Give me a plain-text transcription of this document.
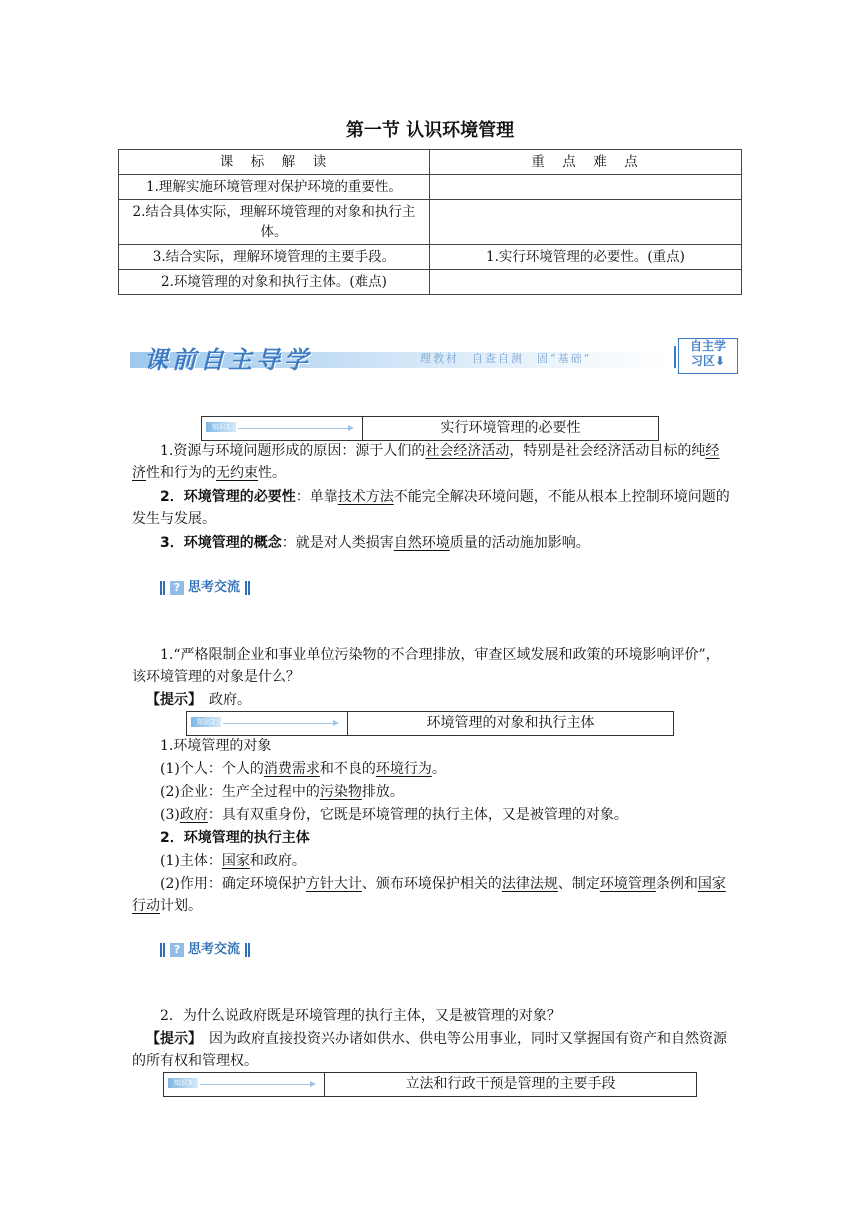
第一节 认识环境管理
课　标　解　读	重　点　难　点
1.理解实施环境管理对保护环境的重要性。	
2.结合具体实际，理解环境管理的对象和执行主体。	
3.结合实际，理解环境管理的主要手段。	1.实行环境管理的必要性。(重点)
2.环境管理的对象和执行主体。(难点)	
课前自主导学	理教材　自查自测　固“基础”
自主学
习区⬇
知识1	实行环境管理的必要性
1.资源与环境问题形成的原因：源于人们的社会经济活动，特别是社会经济活动目标的纯经济性和行为的无约束性。
2．环境管理的必要性：单靠技术方法不能完全解决环境问题，不能从根本上控制环境问题的发生与发展。
3．环境管理的概念：就是对人类损害自然环境质量的活动施加影响。
? 思考交流
1.“严格限制企业和事业单位污染物的不合理排放，审查区域发展和政策的环境影响评价”，该环境管理的对象是什么？
【提示】　 政府。
知识2	环境管理的对象和执行主体
1.环境管理的对象
(1)个人：个人的消费需求和不良的环境行为。
(2)企业：生产全过程中的污染物排放。
(3)政府：具有双重身份，它既是环境管理的执行主体，又是被管理的对象。
2．环境管理的执行主体
(1)主体：国家和政府。
(2)作用：确定环境保护方针大计、颁布环境保护相关的法律法规、制定环境管理条例和国家行动计划。
? 思考交流
2．为什么说政府既是环境管理的执行主体，又是被管理的对象？
【提示】　 因为政府直接投资兴办诸如供水、供电等公用事业，同时又掌握国有资产和自然资源的所有权和管理权。
知识3	立法和行政干预是管理的主要手段
